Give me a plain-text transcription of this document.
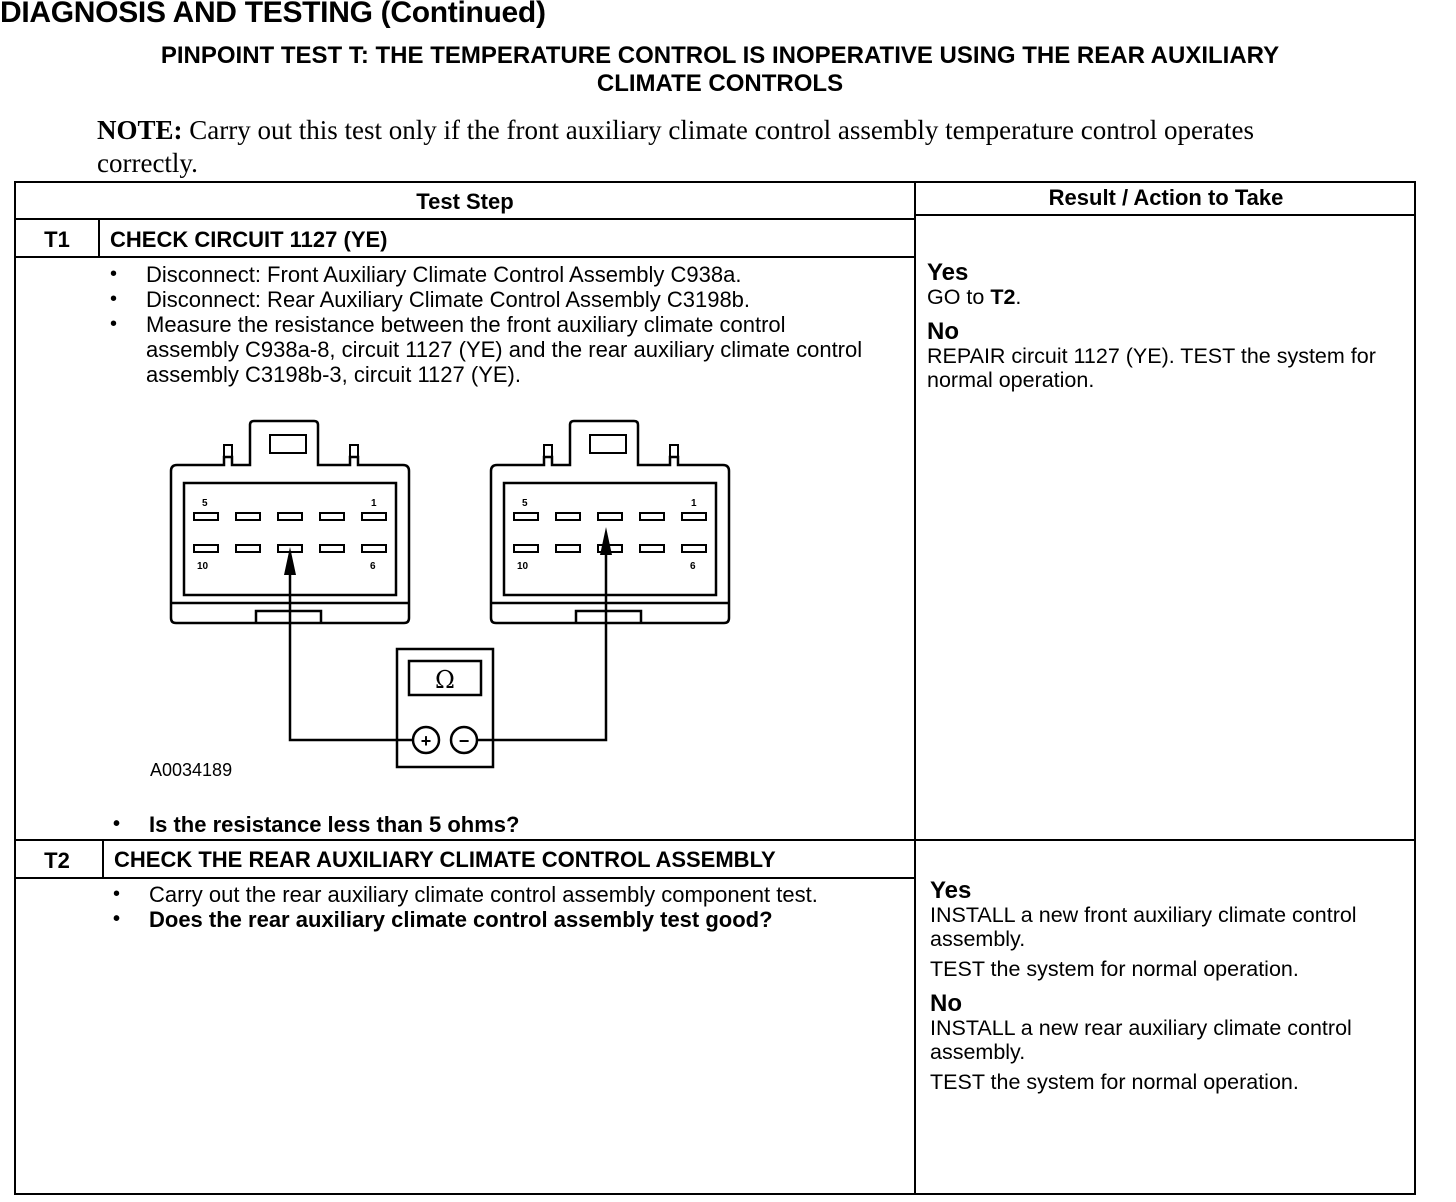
DIAGNOSIS AND TESTING (Continued)
PINPOINT TEST T: THE TEMPERATURE CONTROL IS INOPERATIVE USING THE REAR AUXILIARY
CLIMATE CONTROLS
NOTE: Carry out this test only if the front auxiliary climate control assembly temperature control operates correctly.
Test Step	Result / Action to Take
T1	CHECK CIRCUIT 1127 (YE)
• Disconnect: Front Auxiliary Climate Control Assembly C938a.
• Disconnect: Rear Auxiliary Climate Control Assembly C3198b.
• Measure the resistance between the front auxiliary climate control assembly C938a-8, circuit 1127 (YE) and the rear auxiliary climate control assembly C3198b-3, circuit 1127 (YE).
5	1
10	6
5	1
10	6
Ω
+ −
A0034189
• Is the resistance less than 5 ohms?
Yes

GO to T2.

No

REPAIR circuit 1127 (YE). TEST the system for normal operation.

T2	CHECK THE REAR AUXILIARY CLIMATE CONTROL ASSEMBLY
• Carry out the rear auxiliary climate control assembly component test.
• Does the rear auxiliary climate control assembly test good?
Yes

INSTALL a new front auxiliary climate control assembly.

TEST the system for normal operation.

No

INSTALL a new rear auxiliary climate control assembly.

TEST the system for normal operation.
